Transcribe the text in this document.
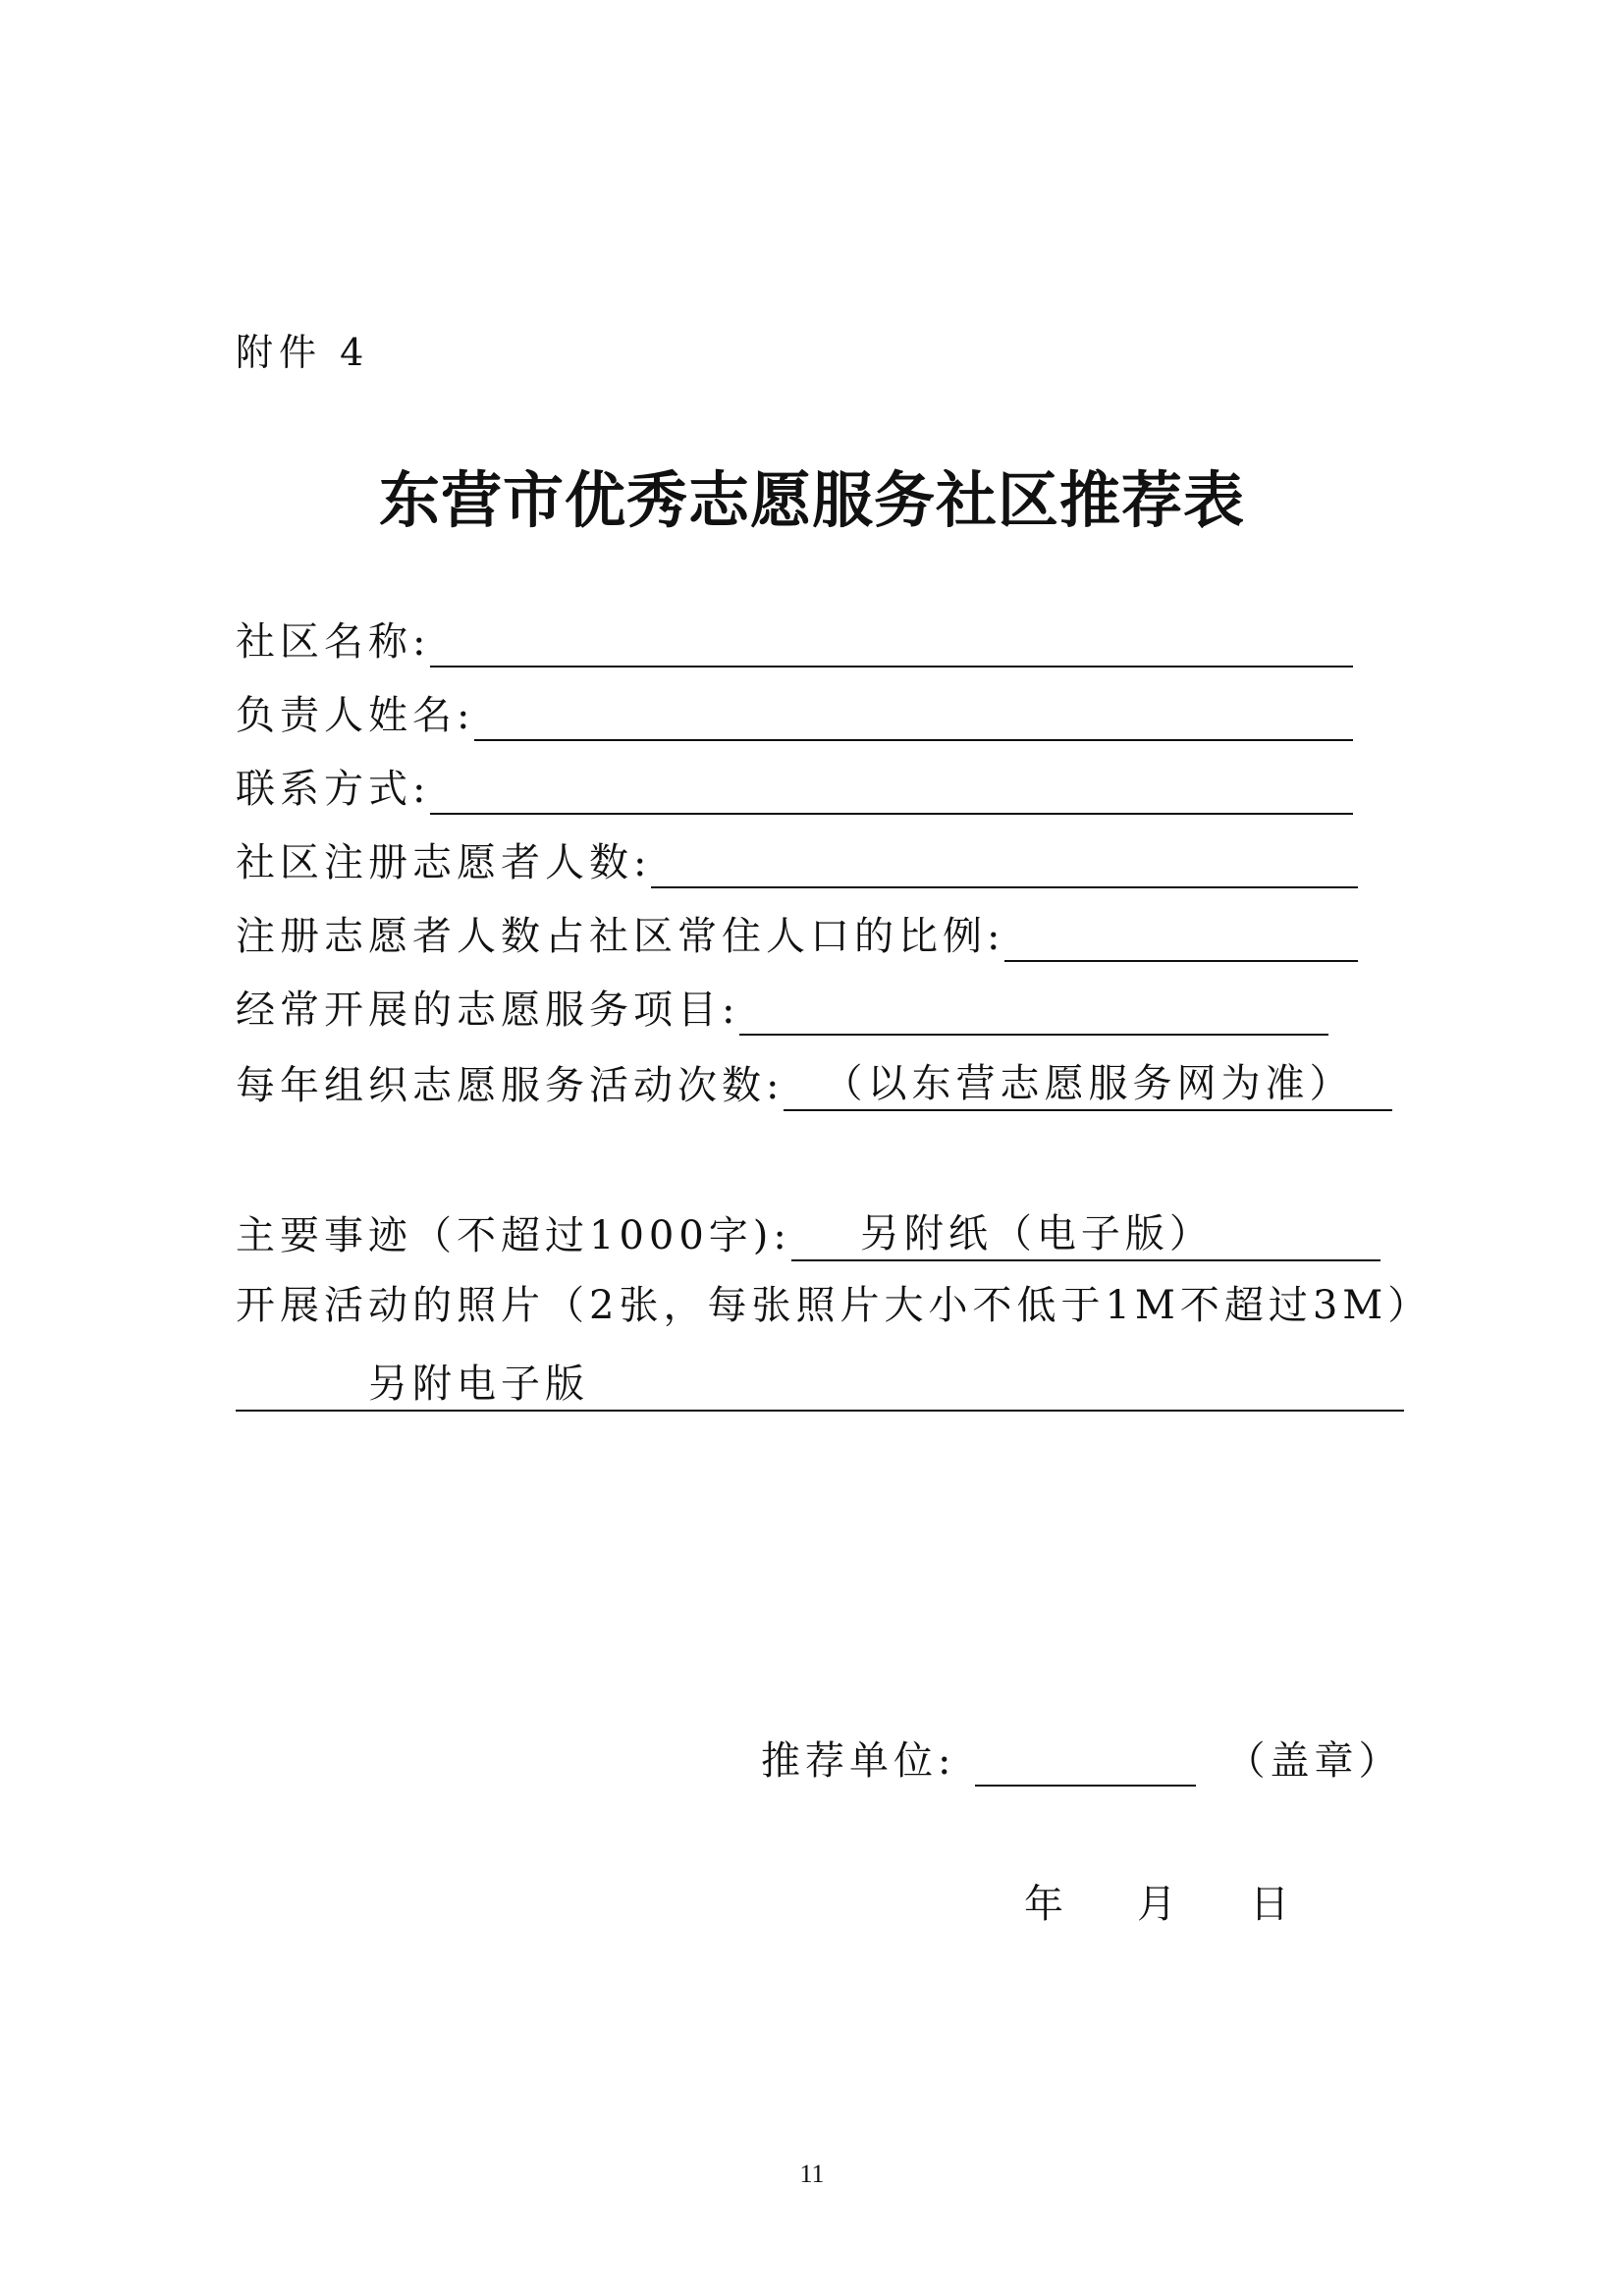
附件 4
东营市优秀志愿服务社区推荐表
社区名称:
负责人姓名:
联系方式:
社区注册志愿者人数:
注册志愿者人数占社区常住人口的比例:
经常开展的志愿服务项目:
每年组织志愿服务活动次数:	（以东营志愿服务网为准）
主要事迹（不超过1000字):	另附纸（电子版）
开展活动的照片（2张，每张照片大小不低于1M不超过3M）
另附电子版
推荐单位:	（盖章）
年 月 日
11
